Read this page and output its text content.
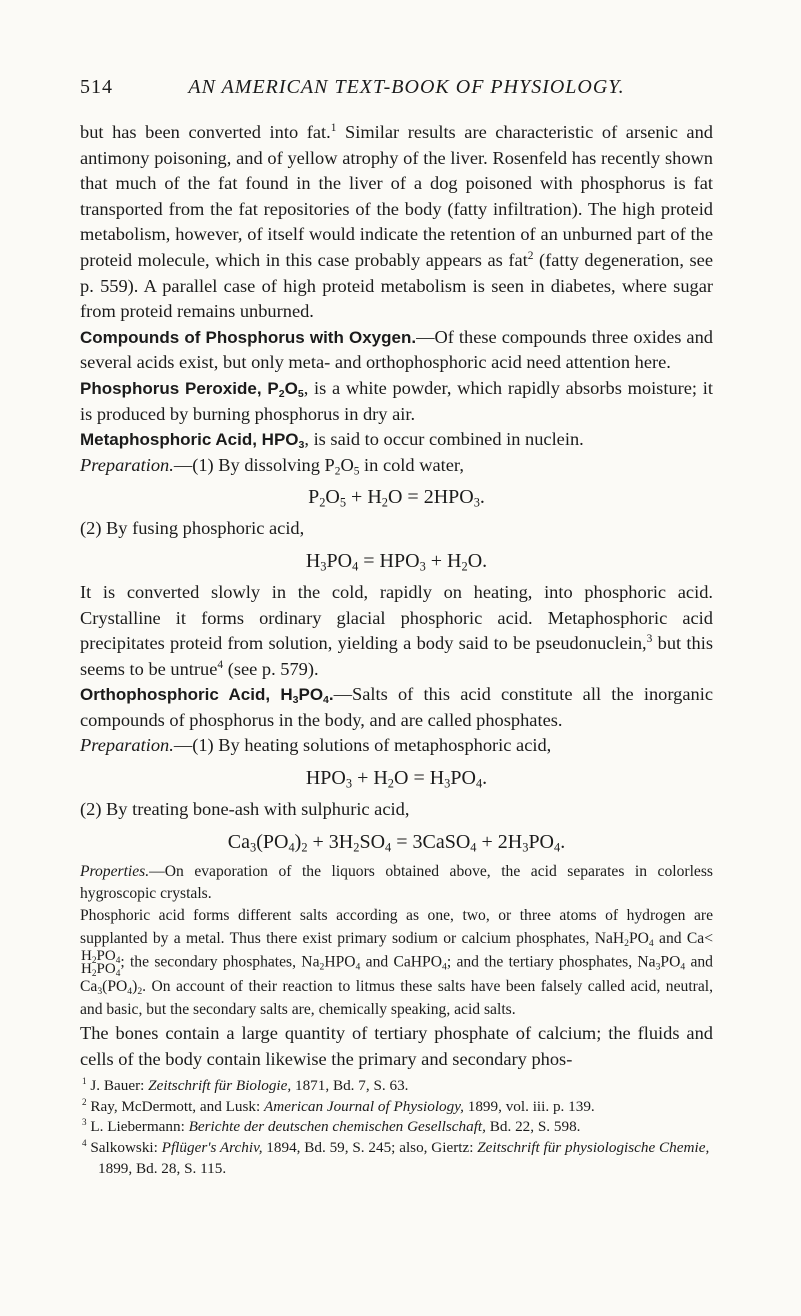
514	AN AMERICAN TEXT-BOOK OF PHYSIOLOGY.

but has been converted into fat.$^1$ Similar results are characteristic of arsenic and antimony poisoning, and of yellow atrophy of the liver. Rosenfeld has recently shown that much of the fat found in the liver of a dog poisoned with phosphorus is fat transported from the fat repositories of the body (fatty infiltration). The high proteid metabolism, however, of itself would indicate the retention of an unburned part of the proteid molecule, which in this case probably appears as fat$^2$ (fatty degeneration, see p. 559). A parallel case of high proteid metabolism is seen in diabetes, where sugar from proteid remains unburned.

Compounds of Phosphorus with Oxygen.—Of these compounds three oxides and several acids exist, but only meta- and orthophosphoric acid need attention here.

Phosphorus Peroxide, $P_2O_5$, is a white powder, which rapidly absorbs moisture; it is produced by burning phosphorus in dry air.

Metaphosphoric Acid, $HPO_3$, is said to occur combined in nuclein.

Preparation.—(1) By dissolving $P_2O_5$ in cold water,

$P_2O_5 + H_2O = 2HPO_3$.

(2) By fusing phosphoric acid,

$H_3PO_4 = HPO_3 + H_2O$.

It is converted slowly in the cold, rapidly on heating, into phosphoric acid. Crystalline it forms ordinary glacial phosphoric acid. Metaphosphoric acid precipitates proteid from solution, yielding a body said to be pseudonuclein,$^3$ but this seems to be untrue$^4$ (see p. 579).

Orthophosphoric Acid, $H_3PO_4.—Salts$ of this acid constitute all the inorganic compounds of phosphorus in the body, and are called phosphates.

Preparation.—(1) By heating solutions of metaphosphoric acid,

$HPO_3 + H_2O = H_3PO_4$.

(2) By treating bone-ash with sulphuric acid,

$Ca_3(PO_4)_2 + 3H_2SO_4$ = 3CaSO$_4$ + $2H_3PO_4$.

Properties.—On evaporation of the liquors obtained above, the acid separates in colorless hygroscopic crystals.

Phosphoric acid forms different salts according as one, two, or three atoms of hydrogen are supplanted by a metal. Thus there exist primary sodium or calcium phosphates, $NaH_2PO_4$ and Ca<
$H_2PO_4$
$H_2PO_4$
; the secondary phosphates, $Na_2HPO_4$ and CaHPO$_4$; and the tertiary phosphates, $Na_3PO_4$ and $Ca_3(PO_4)_2$. On account of their reaction to litmus these salts have been falsely called acid, neutral, and basic, but the secondary salts are, chemically speaking, acid salts.

The bones contain a large quantity of tertiary phosphate of calcium; the fluids and cells of the body contain likewise the primary and secondary phos-

$^1$ J. Bauer: Zeitschrift für Biologie, 1871, Bd. 7, S. 63.

$^2$ Ray, McDermott, and Lusk: American Journal of Physiology, 1899, vol. iii. p. 139.

$^3$ L. Liebermann: Berichte der deutschen chemischen Gesellschaft, Bd. 22, S. 598.

$^4$ Salkowski: Pflüger's Archiv, 1894, Bd. 59, S. 245; also, Giertz: Zeitschrift für physiologische Chemie, 1899, Bd. 28, S. 115.
